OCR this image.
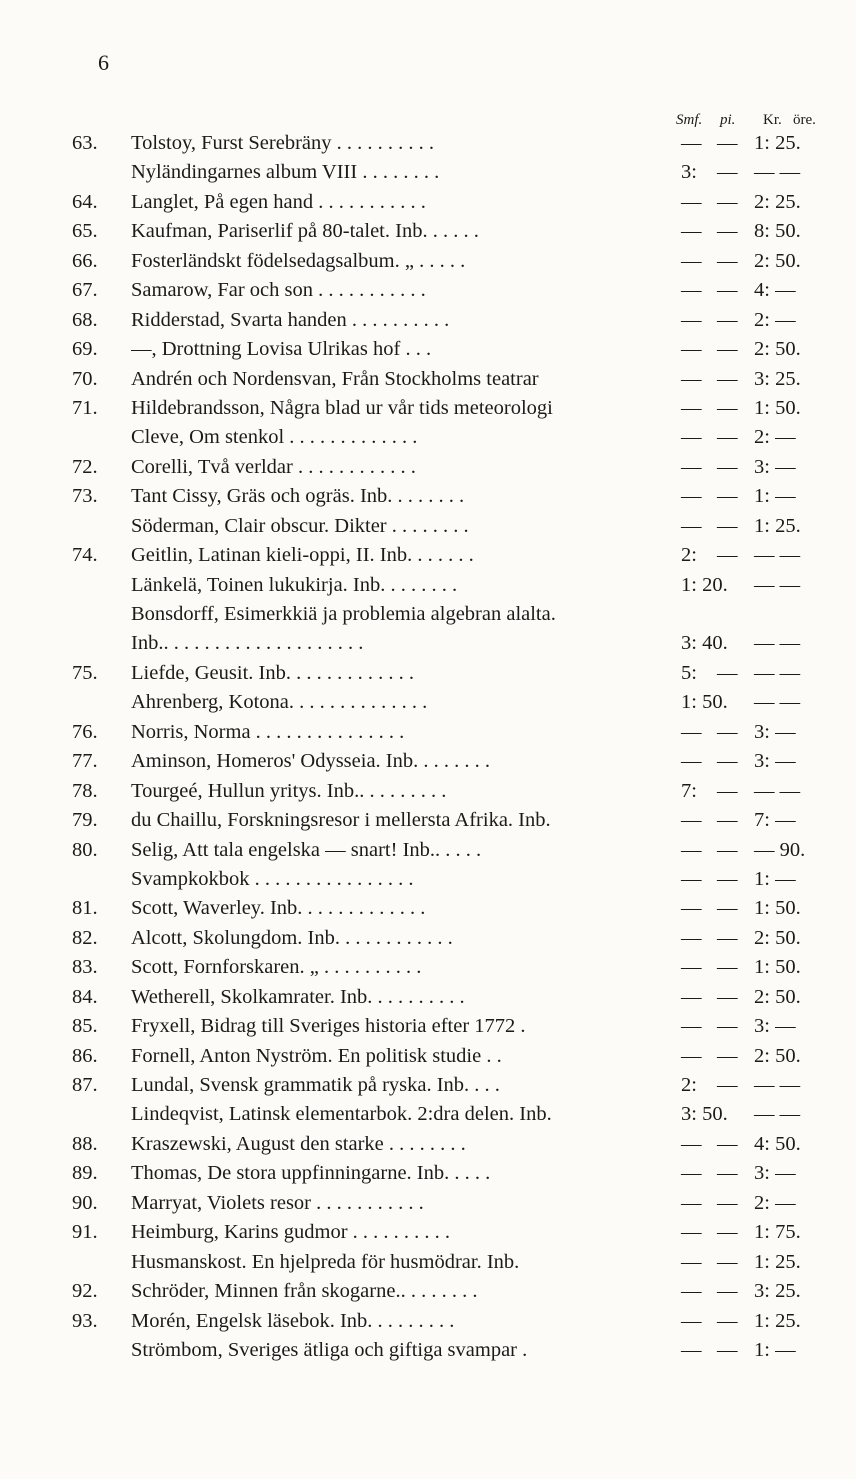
6
Smf. pi. Kr. öre.
63.	Tolstoy, Furst Serebräny . . . . . . . . . .	— — 1: 25.
Nyländingarnes album VIII . . . . . . . .	3: — — —
64.	Langlet, På egen hand . . . . . . . . . . .	— — 2: 25.
65.	Kaufman, Pariserlif på 80-talet. Inb. . . . . .	— — 8: 50.
66.	Fosterländskt födelsedagsalbum. „ . . . . .	— — 2: 50.
67.	Samarow, Far och son . . . . . . . . . . .	— — 4: —
68.	Ridderstad, Svarta handen . . . . . . . . . .	— — 2: —
69.	—, Drottning Lovisa Ulrikas hof . . .	— — 2: 50.
70.	Andrén och Nordensvan, Från Stockholms teatrar	— — 3: 25.
71.	Hildebrandsson, Några blad ur vår tids meteorologi	— — 1: 50.
Cleve, Om stenkol . . . . . . . . . . . . .	— — 2: —
72.	Corelli, Två verldar . . . . . . . . . . . .	— — 3: —
73.	Tant Cissy, Gräs och ogräs. Inb. . . . . . . .	— — 1: —
Söderman, Clair obscur. Dikter . . . . . . . .	— — 1: 25.
74.	Geitlin, Latinan kieli-oppi, II. Inb. . . . . . .	2: — — —
Länkelä, Toinen lukukirja. Inb. . . . . . . .	1: 20. — —
Bonsdorff, Esimerkkiä ja problemia algebran alalta.
Inb.. . . . . . . . . . . . . . . . . . . .	3: 40. — —
75.	Liefde, Geusit. Inb. . . . . . . . . . . . .	5: — — —
Ahrenberg, Kotona. . . . . . . . . . . . . .	1: 50. — —
76.	Norris, Norma . . . . . . . . . . . . . . .	— — 3: —
77.	Aminson, Homeros' Odysseia. Inb. . . . . . . .	— — 3: —
78.	Tourgeé, Hullun yritys. Inb.. . . . . . . . .	7: — — —
79.	du Chaillu, Forskningsresor i mellersta Afrika. Inb.	— — 7: —
80.	Selig, Att tala engelska — snart! Inb.. . . . .	— — — 90.
Svampkokbok . . . . . . . . . . . . . . . .	— — 1: —
81.	Scott, Waverley. Inb. . . . . . . . . . . . .	— — 1: 50.
82.	Alcott, Skolungdom. Inb. . . . . . . . . . . .	— — 2: 50.
83.	Scott, Fornforskaren. „ . . . . . . . . . .	— — 1: 50.
84.	Wetherell, Skolkamrater. Inb. . . . . . . . . .	— — 2: 50.
85.	Fryxell, Bidrag till Sveriges historia efter 1772 .	— — 3: —
86.	Fornell, Anton Nyström. En politisk studie . .	— — 2: 50.
87.	Lundal, Svensk grammatik på ryska. Inb. . . .	2: — — —
Lindeqvist, Latinsk elementarbok. 2:dra delen. Inb.	3: 50. — —
88.	Kraszewski, August den starke . . . . . . . .	— — 4: 50.
89.	Thomas, De stora uppfinningarne. Inb. . . . .	— — 3: —
90.	Marryat, Violets resor . . . . . . . . . . .	— — 2: —
91.	Heimburg, Karins gudmor . . . . . . . . . .	— — 1: 75.
Husmanskost. En hjelpreda för husmödrar. Inb.	— — 1: 25.
92.	Schröder, Minnen från skogarne.. . . . . . . .	— — 3: 25.
93.	Morén, Engelsk läsebok. Inb. . . . . . . . .	— — 1: 25.
Strömbom, Sveriges ätliga och giftiga svampar .	— — 1: —
